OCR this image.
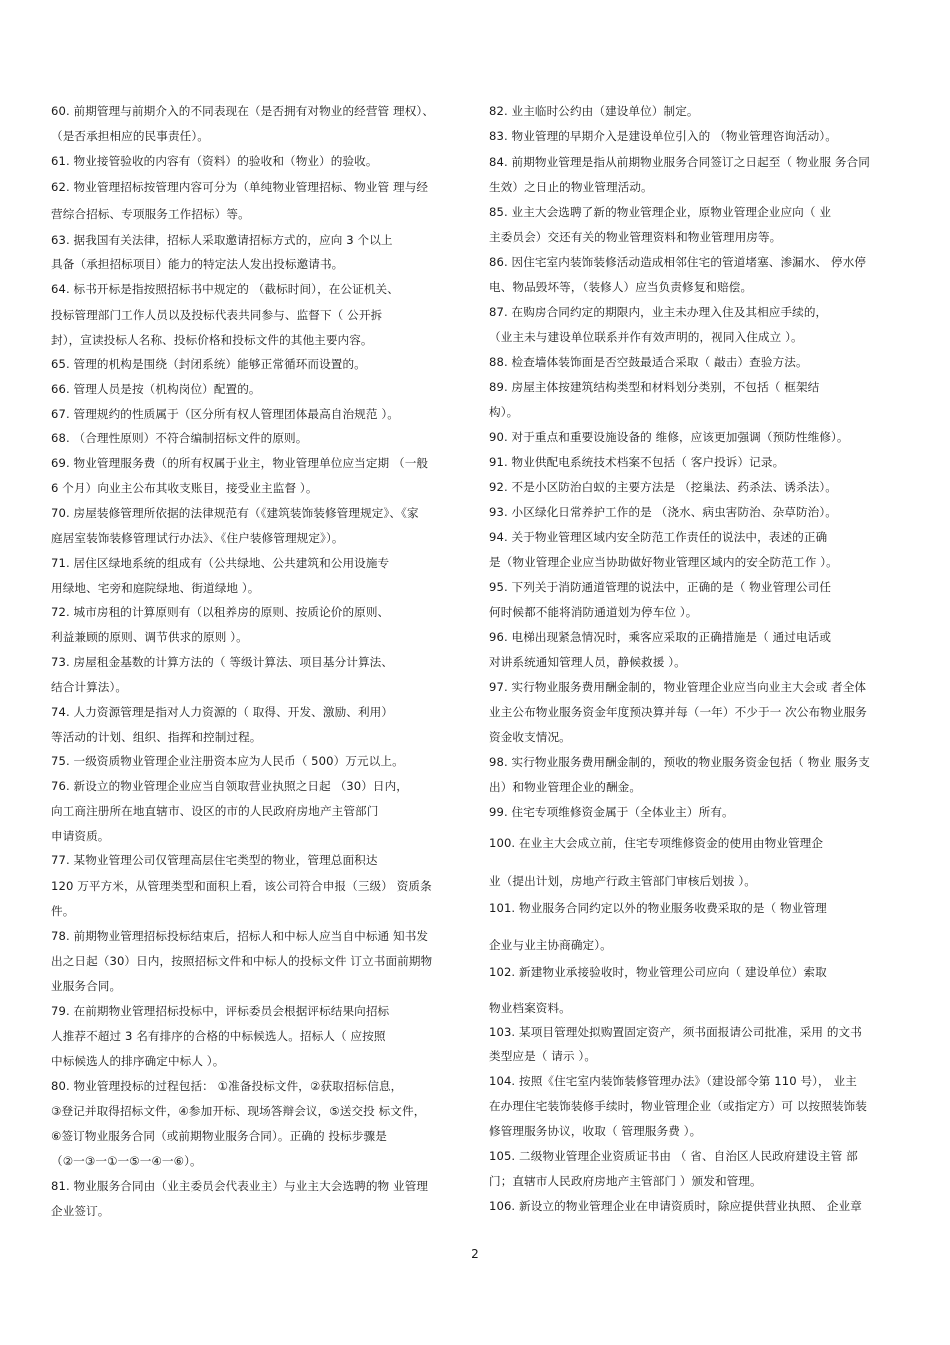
60. 前期管理与前期介入的不同表现在（是否拥有对物业的经营管 理权）、
（是否承担相应的民事责任）。
61. 物业接管验收的内容有（资料）的验收和（物业）的验收。
62. 物业管理招标按管理内容可分为（单纯物业管理招标、物业管 理与经
营综合招标、专项服务工作招标）等。
63. 据我国有关法律，招标人采取邀请招标方式的，应向 3 个以上
具备（承担招标项目）能力的特定法人发出投标邀请书。
64. 标书开标是指按照招标书中规定的 （截标时间），在公证机关、
投标管理部门工作人员以及投标代表共同参与、监督下（ 公开拆
封），宣读投标人名称、投标价格和投标文件的其他主要内容。
65. 管理的机构是围绕（封闭系统）能够正常循环而设置的。
66. 管理人员是按（机构岗位）配置的。
67. 管理规约的性质属于（区分所有权人管理团体最高自治规范 ）。
68. （合理性原则）不符合编制招标文件的原则。
69. 物业管理服务费（的所有权属于业主，物业管理单位应当定期 （一般
6 个月）向业主公布其收支账目，接受业主监督 ）。
70. 房屋装修管理所依据的法律规范有（《建筑装饰装修管理规定》、《家
庭居室装饰装修管理试行办法》、《住户装修管理规定》）。
71. 居住区绿地系统的组成有（公共绿地、公共建筑和公用设施专
用绿地、宅旁和庭院绿地、街道绿地 ）。
72. 城市房租的计算原则有（以租养房的原则、按质论价的原则、
利益兼顾的原则、调节供求的原则 ）。
73. 房屋租金基数的计算方法的（ 等级计算法、项目基分计算法、
结合计算法）。
74. 人力资源管理是指对人力资源的（ 取得、开发、激励、利用）
等活动的计划、组织、指挥和控制过程。
75. 一级资质物业管理企业注册资本应为人民币（ 500）万元以上。
76. 新设立的物业管理企业应当自领取营业执照之日起 （30）日内，
向工商注册所在地直辖市、设区的市的人民政府房地产主管部门
申请资质。
77. 某物业管理公司仅管理高层住宅类型的物业，管理总面积达
120 万平方米，从管理类型和面积上看，该公司符合申报（三级） 资质条
件。
78. 前期物业管理招标投标结束后，招标人和中标人应当自中标通 知书发
出之日起（30）日内，按照招标文件和中标人的投标文件 订立书面前期物
业服务合同。
79. 在前期物业管理招标投标中，评标委员会根据评标结果向招标
人推荐不超过 3 名有排序的合格的中标候选人。招标人（ 应按照
中标候选人的排序确定中标人 ）。
80. 物业管理投标的过程包括： ①准备投标文件，②获取招标信息，
③登记并取得招标文件，④参加开标、现场答辩会议，⑤送交投 标文件，
⑥签订物业服务合同（或前期物业服务合同）。正确的 投标步骤是
（②一③一①一⑤一④一⑥）。
81. 物业服务合同由（业主委员会代表业主）与业主大会选聘的物 业管理
企业签订。
82. 业主临时公约由（建设单位）制定。
83. 物业管理的早期介入是建设单位引入的 （物业管理咨询活动）。
84. 前期物业管理是指从前期物业服务合同签订之日起至（ 物业服 务合同
生效）之日止的物业管理活动。
85. 业主大会选聘了新的物业管理企业，原物业管理企业应向（ 业
主委员会）交还有关的物业管理资料和物业管理用房等。
86. 因住宅室内装饰装修活动造成相邻住宅的管道堵塞、渗漏水、 停水停
电、物品毁坏等，（装修人）应当负责修复和赔偿。
87. 在购房合同约定的期限内，业主未办理入住及其相应手续的，
（业主未与建设单位联系并作有效声明的，视同入住成立 ）。
88. 检查墙体装饰面是否空鼓最适合采取（ 敲击）查验方法。
89. 房屋主体按建筑结构类型和材料划分类别，不包括（ 框架结
构）。
90. 对于重点和重要设施设备的 维修，应该更加强调（预防性维修）。
91. 物业供配电系统技术档案不包括（ 客户投诉）记录。
92. 不是小区防治白蚁的主要方法是 （挖巢法、药杀法、诱杀法）。
93. 小区绿化日常养护工作的是 （浇水、病虫害防治、杂草防治）。
94. 关于物业管理区域内安全防范工作责任的说法中，表述的正确
是（物业管理企业应当协助做好物业管理区域内的安全防范工作 ）。
95. 下列关于消防通道管理的说法中，正确的是（ 物业管理公司任
何时候都不能将消防通道划为停车位 ）。
96. 电梯出现紧急情况时，乘客应采取的正确措施是（ 通过电话或
对讲系统通知管理人员，静候救援 ）。
97. 实行物业服务费用酬金制的，物业管理企业应当向业主大会或 者全体
业主公布物业服务资金年度预决算并每（一年）不少于一 次公布物业服务
资金收支情况。
98. 实行物业服务费用酬金制的，预收的物业服务资金包括（ 物业 服务支
出）和物业管理企业的酬金。
99. 住宅专项维修资金属于（全体业主）所有。
100. 在业主大会成立前，住宅专项维修资金的使用由物业管理企
业（提出计划，房地产行政主管部门审核后划拔 ）。
101. 物业服务合同约定以外的物业服务收费采取的是（ 物业管理
企业与业主协商确定）。
102. 新建物业承接验收时，物业管理公司应向（ 建设单位）索取
物业档案资料。
103. 某项目管理处拟购置固定资产，须书面报请公司批准，采用 的文书
类型应是（ 请示 ）。
104. 按照《住宅室内装饰装修管理办法》（建设部令第 110 号）， 业主
在办理住宅装饰装修手续时，物业管理企业（或指定方）可 以按照装饰装
修管理服务协议，收取（ 管理服务费 ）。
105. 二级物业管理企业资质证书由 （ 省、自治区人民政府建设主管 部
门；直辖市人民政府房地产主管部门 ）颁发和管理。
106. 新设立的物业管理企业在申请资质时，除应提供营业执照、 企业章
2
